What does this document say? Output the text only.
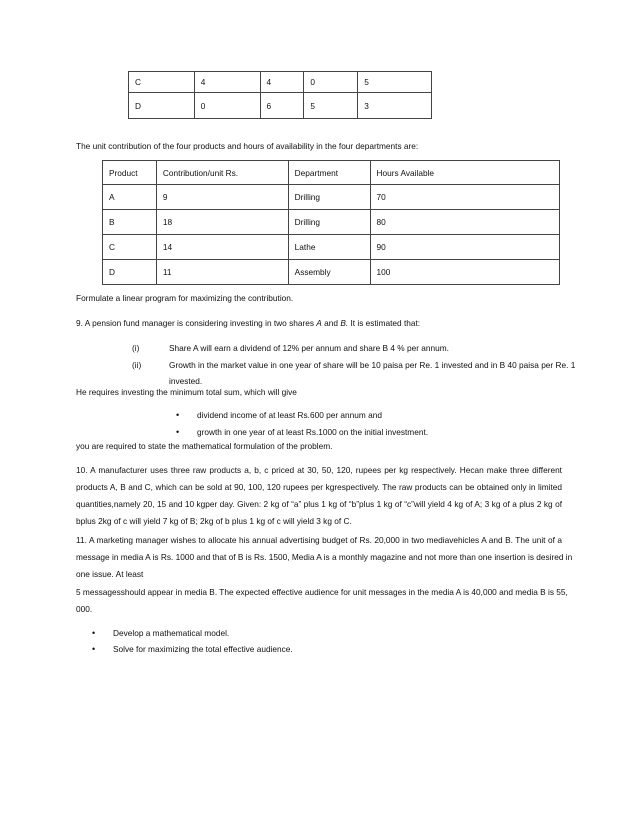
C	4	4	0	5
D	0	6	5	3
The unit contribution of the four products and hours of availability in the four departments are:
Product	Contribution/unit Rs.	Department	Hours Available
A	9	Drilling	70
B	18	Drilling	80
C	14	Lathe	90
D	11	Assembly	100
Formulate a linear program for maximizing the contribution.
9. A pension fund manager is considering investing in two shares A and B. It is estimated that:
(i)	Share A will earn a dividend of 12% per annum and share B 4 % per annum.
(ii)	Growth in the market value in one year of share will be 10 paisa per Re. 1 invested and in B 40 paisa per Re. 1
invested.
He requires investing the minimum total sum, which will give
• dividend income of at least Rs.600 per annum and
• growth in one year of at least Rs.1000 on the initial investment.
you are required to state the mathematical formulation of the problem.
10. A manufacturer uses three raw products a, b, c priced at 30, 50, 120, rupees per kg respectively. Hecan make three different
products A, B and C, which can be sold at 90, 100, 120 rupees per kgrespectively. The raw products can be obtained only in limited
quantities,namely 20, 15 and 10 kgper day. Given: 2 kg of “a” plus 1 kg of “b”plus 1 kg of “c”will yield 4 kg of A; 3 kg of a plus 2 kg of
bplus 2kg of c will yield 7 kg of B; 2kg of b plus 1 kg of c will yield 3 kg of C.
11. A marketing manager wishes to allocate his annual advertising budget of Rs. 20,000 in two mediavehicles A and B. The unit of a
message in media A is Rs. 1000 and that of B is Rs. 1500, Media A is a monthly magazine and not more than one insertion is desired in
one issue. At least
5 messagesshould appear in media B. The expected effective audience for unit messages in the media A is 40,000 and media B is 55,
000.
• Develop a mathematical model.
• Solve for maximizing the total effective audience.
